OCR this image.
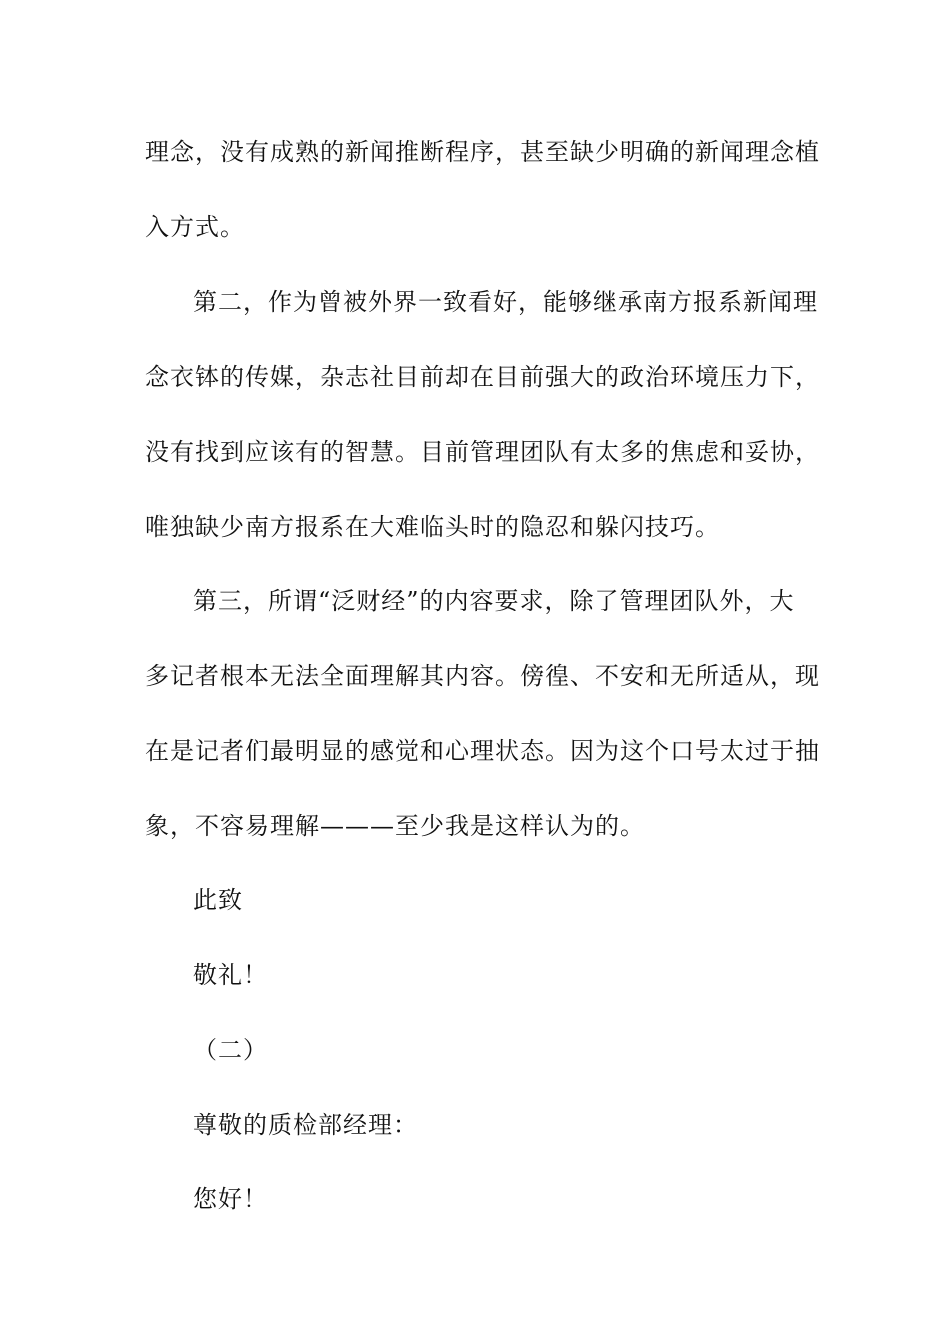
理念，没有成熟的新闻推断程序，甚至缺少明确的新闻理念植
入方式。
第二，作为曾被外界一致看好，能够继承南方报系新闻理
念衣钵的传媒，杂志社目前却在目前强大的政治环境压力下，
没有找到应该有的智慧。目前管理团队有太多的焦虑和妥协，
唯独缺少南方报系在大难临头时的隐忍和躲闪技巧。
第三，所谓“泛财经”的内容要求，除了管理团队外，大
多记者根本无法全面理解其内容。傍徨、不安和无所适从，现
在是记者们最明显的感觉和心理状态。因为这个口号太过于抽
象，不容易理解———至少我是这样认为的。
此致
敬礼！
（二）
尊敬的质检部经理：
您好！
